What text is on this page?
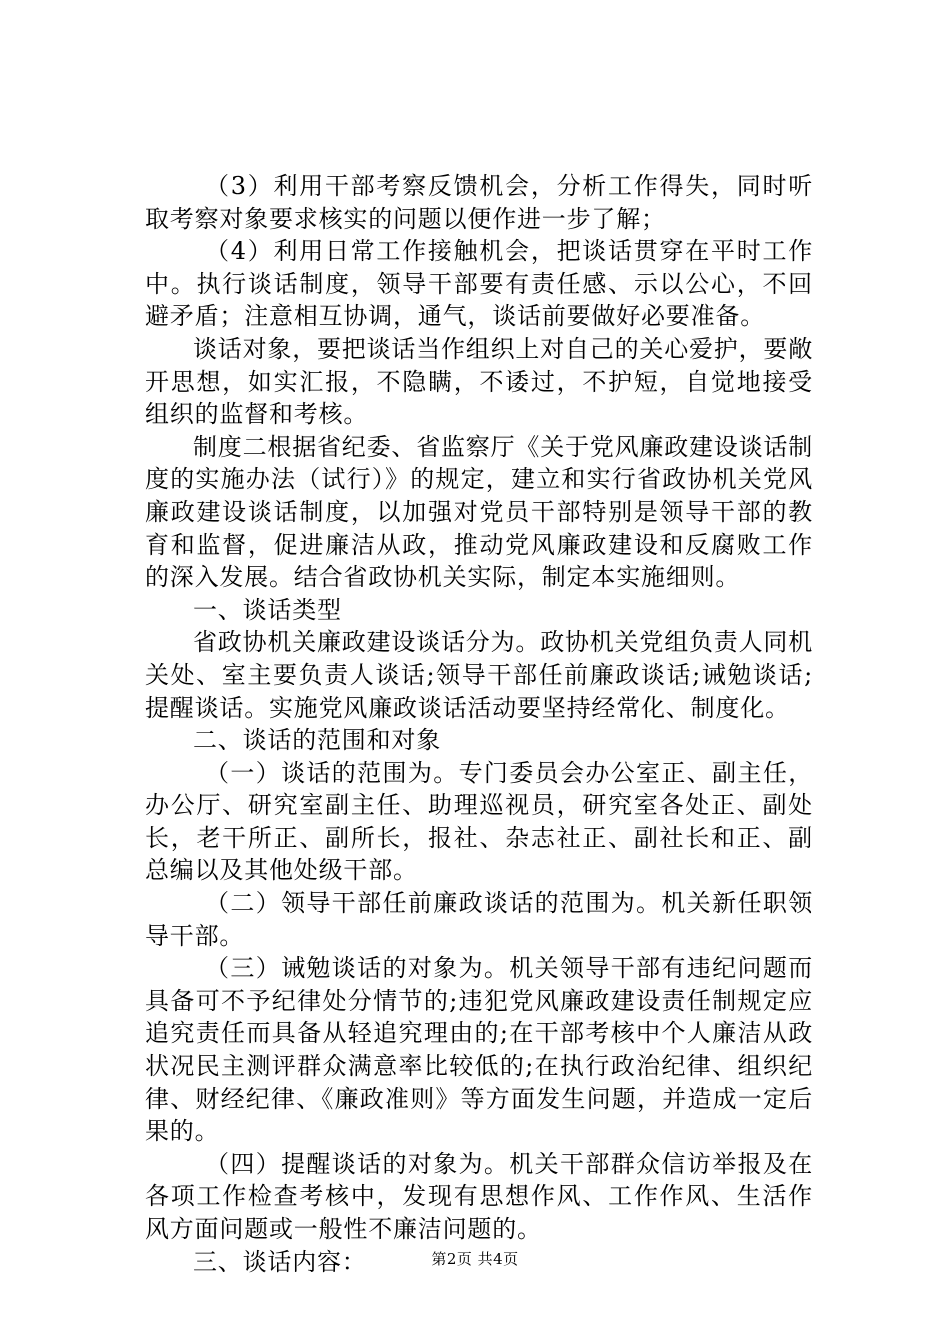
（3）利用干部考察反馈机会，分析工作得失，同时听取考察对象要求核实的问题以便作进一步了解；

（4）利用日常工作接触机会，把谈话贯穿在平时工作中。执行谈话制度，领导干部要有责任感、示以公心，不回避矛盾；注意相互协调，通气，谈话前要做好必要准备。

谈话对象，要把谈话当作组织上对自己的关心爱护，要敞开思想，如实汇报，不隐瞒，不诿过，不护短，自觉地接受组织的监督和考核。

制度二根据省纪委、省监察厅《关于党风廉政建设谈话制度的实施办法（试行）》的规定，建立和实行省政协机关党风廉政建设谈话制度，以加强对党员干部特别是领导干部的教育和监督，促进廉洁从政，推动党风廉政建设和反腐败工作的深入发展。结合省政协机关实际，制定本实施细则。

一、谈话类型

省政协机关廉政建设谈话分为。政协机关党组负责人同机关处、室主要负责人谈话;领导干部任前廉政谈话;诫勉谈话;提醒谈话。实施党风廉政谈话活动要坚持经常化、制度化。

二、谈话的范围和对象

（一）谈话的范围为。专门委员会办公室正、副主任，办公厅、研究室副主任、助理巡视员，研究室各处正、副处长，老干所正、副所长，报社、杂志社正、副社长和正、副总编以及其他处级干部。

（二）领导干部任前廉政谈话的范围为。机关新任职领导干部。

（三）诫勉谈话的对象为。机关领导干部有违纪问题而具备可不予纪律处分情节的;违犯党风廉政建设责任制规定应追究责任而具备从轻追究理由的;在干部考核中个人廉洁从政状况民主测评群众满意率比较低的;在执行政治纪律、组织纪律、财经纪律、《廉政准则》等方面发生问题，并造成一定后果的。

（四）提醒谈话的对象为。机关干部群众信访举报及在各项工作检查考核中，发现有思想作风、工作作风、生活作风方面问题或一般性不廉洁问题的。

三、谈话内容：	第2页 共4页
